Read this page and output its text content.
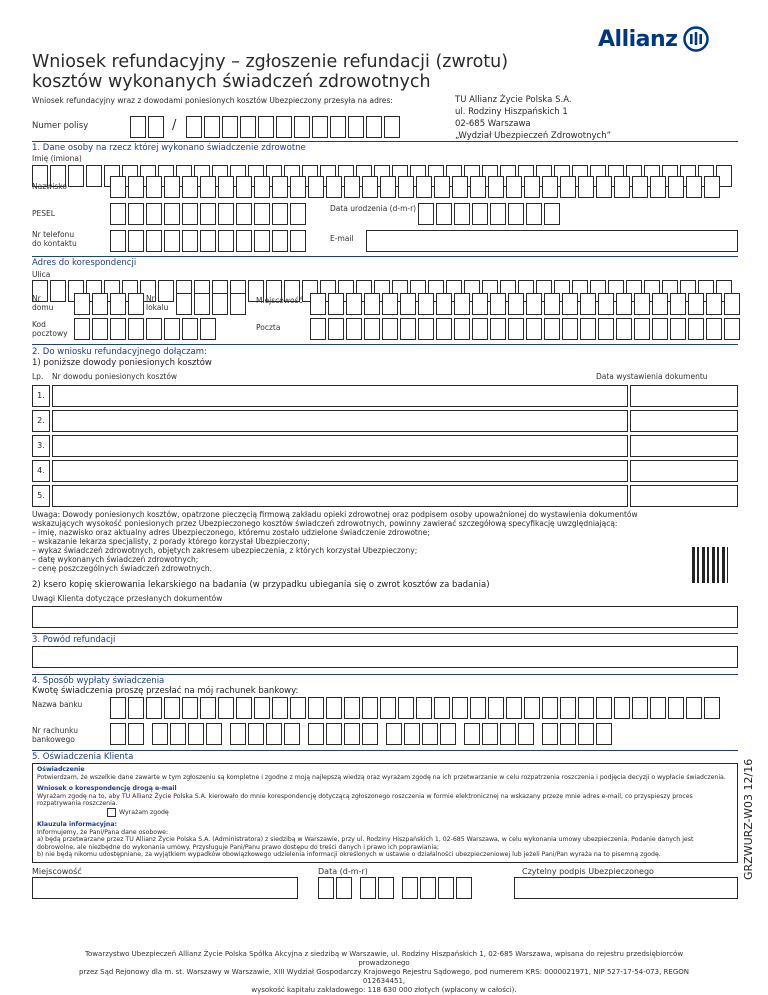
Allianz
Wniosek refundacyjny – zgłoszenie refundacji (zwrotu)
kosztów wykonanych świadczeń zdrowotnych
Wniosek refundacyjny wraz z dowodami poniesionych kosztów Ubezpieczony przesyła na adres:	TU Allianz Życie Polska S.A.
ul. Rodziny Hiszpańskich 1
02-685 Warszawa
„Wydział Ubezpieczeń Zdrowotnych”
Numer polisy	/
1. Dane osoby na rzecz której wykonano świadczenie zdrowotne
Imię (imiona)
Nazwisko
PESEL
Data urodzenia (d-m-r)
Nr telefonu
do kontaktu
E-mail
Adres do korespondencji
Ulica
Nr
domu
Nr
lokalu
Miejscowość
Kod
pocztowy
Poczta
2. Do wniosku refundacyjnego dołączam:
1) poniższe dowody poniesionych kosztów
Lp. Nr dowodu poniesionych kosztów	Data wystawienia dokumentu
1.
2.
3.
4.
5.
Uwaga: Dowody poniesionych kosztów, opatrzone pieczęcią firmową zakładu opieki zdrowotnej oraz podpisem osoby upoważnionej do wystawienia dokumentów
wskazujących wysokość poniesionych przez Ubezpieczonego kosztów świadczeń zdrowotnych, powinny zawierać szczegółową specyfikację uwzględniającą:
– imię, nazwisko oraz aktualny adres Ubezpieczonego, któremu zostało udzielone świadczenie zdrowotne;
– wskazanie lekarza specjalisty, z porady którego korzystał Ubezpieczony;
– wykaz świadczeń zdrowotnych, objętych zakresem ubezpieczenia, z których korzystał Ubezpieczony;
– datę wykonanych świadczeń zdrowotnych;
– cenę poszczególnych świadczeń zdrowotnych.
2) ksero kopię skierowania lekarskiego na badania (w przypadku ubiegania się o zwrot kosztów za badania)
Uwagi Klienta dotyczące przesłanych dokumentów
3. Powód refundacji
4. Sposób wypłaty świadczenia
Kwotę świadczenia proszę przesłać na mój rachunek bankowy:
Nazwa banku
Nr rachunku
bankowego
5. Oświadczenia Klienta
Oświadczenie
Potwierdzam, że wszelkie dane zawarte w tym zgłoszeniu są kompletne i zgodne z moją najlepszą wiedzą oraz wyrażam zgodę na ich przetwarzanie w celu rozpatrzenia roszczenia i podjęcia decyzji o wypłacie świadczenia.
Wniosek o korespondencję drogą e-mail
Wyrażam zgodę na to, aby TU Allianz Życie Polska S.A. kierowało do mnie korespondencję dotyczącą zgłoszonego roszczenia w formie elektronicznej na wskazany przeze mnie adres e-mail, co przyspieszy proces rozpatrywania roszczenia.
Wyrażam zgodę
Klauzula informacyjna:
Informujemy, że Pani/Pana dane osobowe:
a) będą przetwarzane przez TU Allianz Życie Polska S.A. (Administratora) z siedzibą w Warszawie, przy ul. Rodziny Hiszpańskich 1, 02-685 Warszawa, w celu wykonania umowy ubezpieczenia. Podanie danych jest dobrowolne, ale niezbędne do wykonania umowy. Przysługuje Pani/Panu prawo dostępu do treści danych i prawo ich poprawiania;
b) nie będą nikomu udostępniane, za wyjątkiem wypadków obowiązkowego udzielenia informacji określonych w ustawie o działalności ubezpieczeniowej lub jeżeli Pani/Pan wyraża na to pisemną zgodę.
Miejscowość	Data (d-m-r)	Czytelny podpis Ubezpieczonego	GRZWURZ-W03 12/16
Towarzystwo Ubezpieczeń Allianz Życie Polska Spółka Akcyjna z siedzibą w Warszawie, ul. Rodziny Hiszpańskich 1, 02-685 Warszawa, wpisana do rejestru przedsiębiorców prowadzonego
przez Sąd Rejonowy dla m. st. Warszawy w Warszawie, XIII Wydział Gospodarczy Krajowego Rejestru Sądowego, pod numerem KRS: 0000021971, NIP 527-17-54-073, REGON 012634451,
wysokość kapitału zakładowego: 118 630 000 złotych (wpłacony w całości).
